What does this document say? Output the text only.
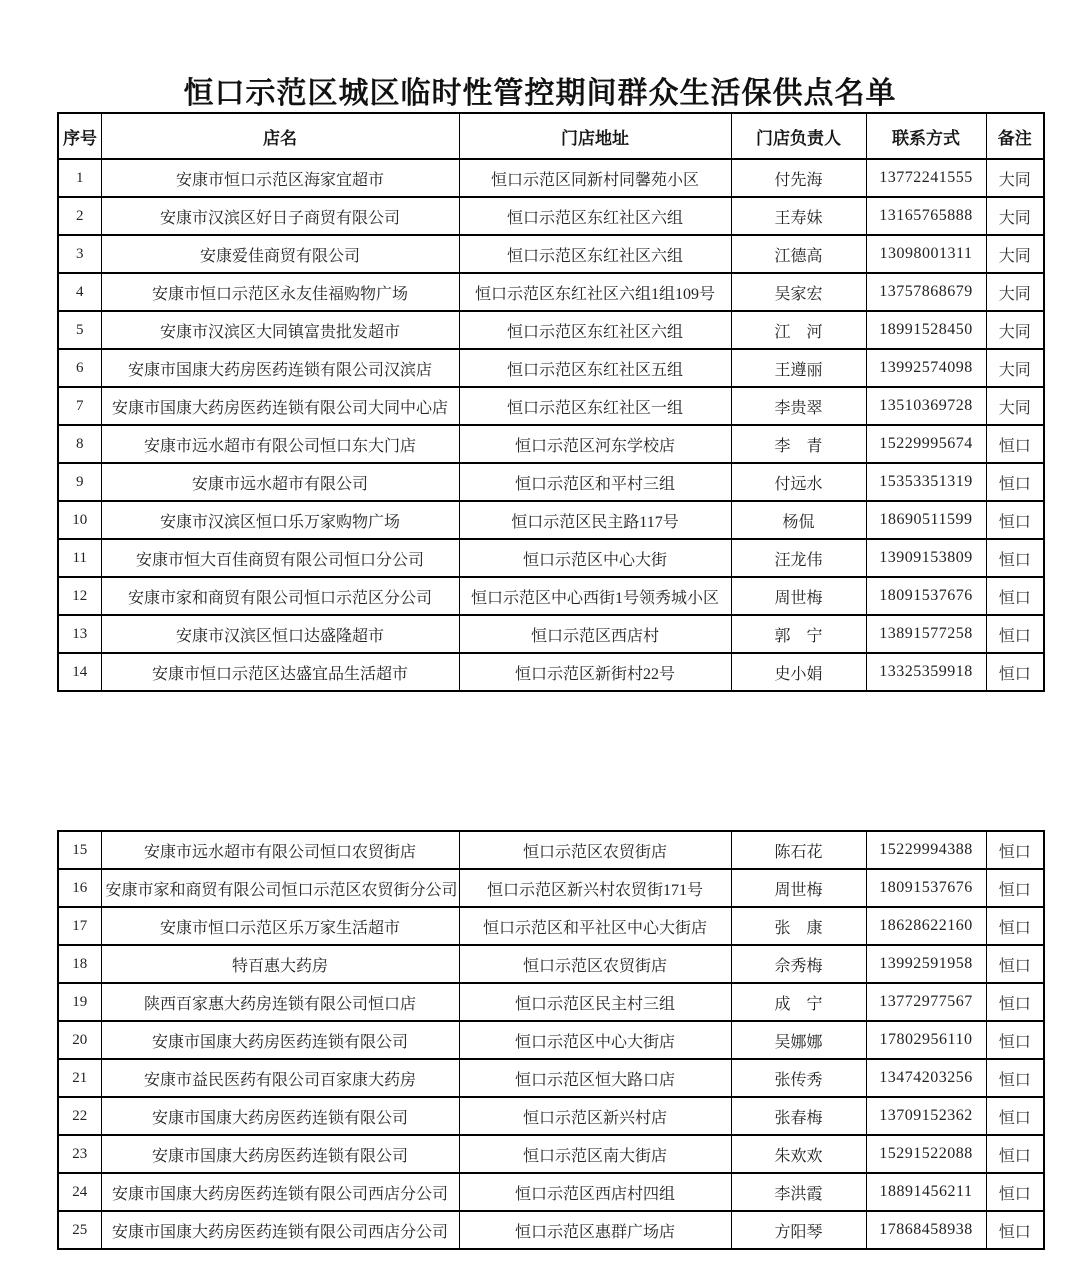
恒口示范区城区临时性管控期间群众生活保供点名单
序号	店名	门店地址	门店负责人	联系方式	备注
1	安康市恒口示范区海家宜超市	恒口示范区同新村同馨苑小区	付先海	13772241555	大同
2	安康市汉滨区好日子商贸有限公司	恒口示范区东红社区六组	王寿妹	13165765888	大同
3	安康爱佳商贸有限公司	恒口示范区东红社区六组	江德高	13098001311	大同
4	安康市恒口示范区永友佳福购物广场	恒口示范区东红社区六组1组109号	吴家宏	13757868679	大同
5	安康市汉滨区大同镇富贵批发超市	恒口示范区东红社区六组	江　河	18991528450	大同
6	安康市国康大药房医药连锁有限公司汉滨店	恒口示范区东红社区五组	王遵丽	13992574098	大同
7	安康市国康大药房医药连锁有限公司大同中心店	恒口示范区东红社区一组	李贵翠	13510369728	大同
8	安康市远水超市有限公司恒口东大门店	恒口示范区河东学校店	李　青	15229995674	恒口
9	安康市远水超市有限公司	恒口示范区和平村三组	付远水	15353351319	恒口
10	安康市汉滨区恒口乐万家购物广场	恒口示范区民主路117号	杨侃	18690511599	恒口
11	安康市恒大百佳商贸有限公司恒口分公司	恒口示范区中心大街	汪龙伟	13909153809	恒口
12	安康市家和商贸有限公司恒口示范区分公司	恒口示范区中心西街1号领秀城小区	周世梅	18091537676	恒口
13	安康市汉滨区恒口达盛隆超市	恒口示范区西店村	郭　宁	13891577258	恒口
14	安康市恒口示范区达盛宜品生活超市	恒口示范区新街村22号	史小娟	13325359918	恒口
15	安康市远水超市有限公司恒口农贸街店	恒口示范区农贸街店	陈石花	15229994388	恒口
16	安康市家和商贸有限公司恒口示范区农贸街分公司	恒口示范区新兴村农贸街171号	周世梅	18091537676	恒口
17	安康市恒口示范区乐万家生活超市	恒口示范区和平社区中心大街店	张　康	18628622160	恒口
18	特百惠大药房	恒口示范区农贸街店	佘秀梅	13992591958	恒口
19	陕西百家惠大药房连锁有限公司恒口店	恒口示范区民主村三组	成　宁	13772977567	恒口
20	安康市国康大药房医药连锁有限公司	恒口示范区中心大街店	吴娜娜	17802956110	恒口
21	安康市益民医药有限公司百家康大药房	恒口示范区恒大路口店	张传秀	13474203256	恒口
22	安康市国康大药房医药连锁有限公司	恒口示范区新兴村店	张春梅	13709152362	恒口
23	安康市国康大药房医药连锁有限公司	恒口示范区南大街店	朱欢欢	15291522088	恒口
24	安康市国康大药房医药连锁有限公司西店分公司	恒口示范区西店村四组	李洪霞	18891456211	恒口
25	安康市国康大药房医药连锁有限公司西店分公司	恒口示范区惠群广场店	方阳琴	17868458938	恒口
